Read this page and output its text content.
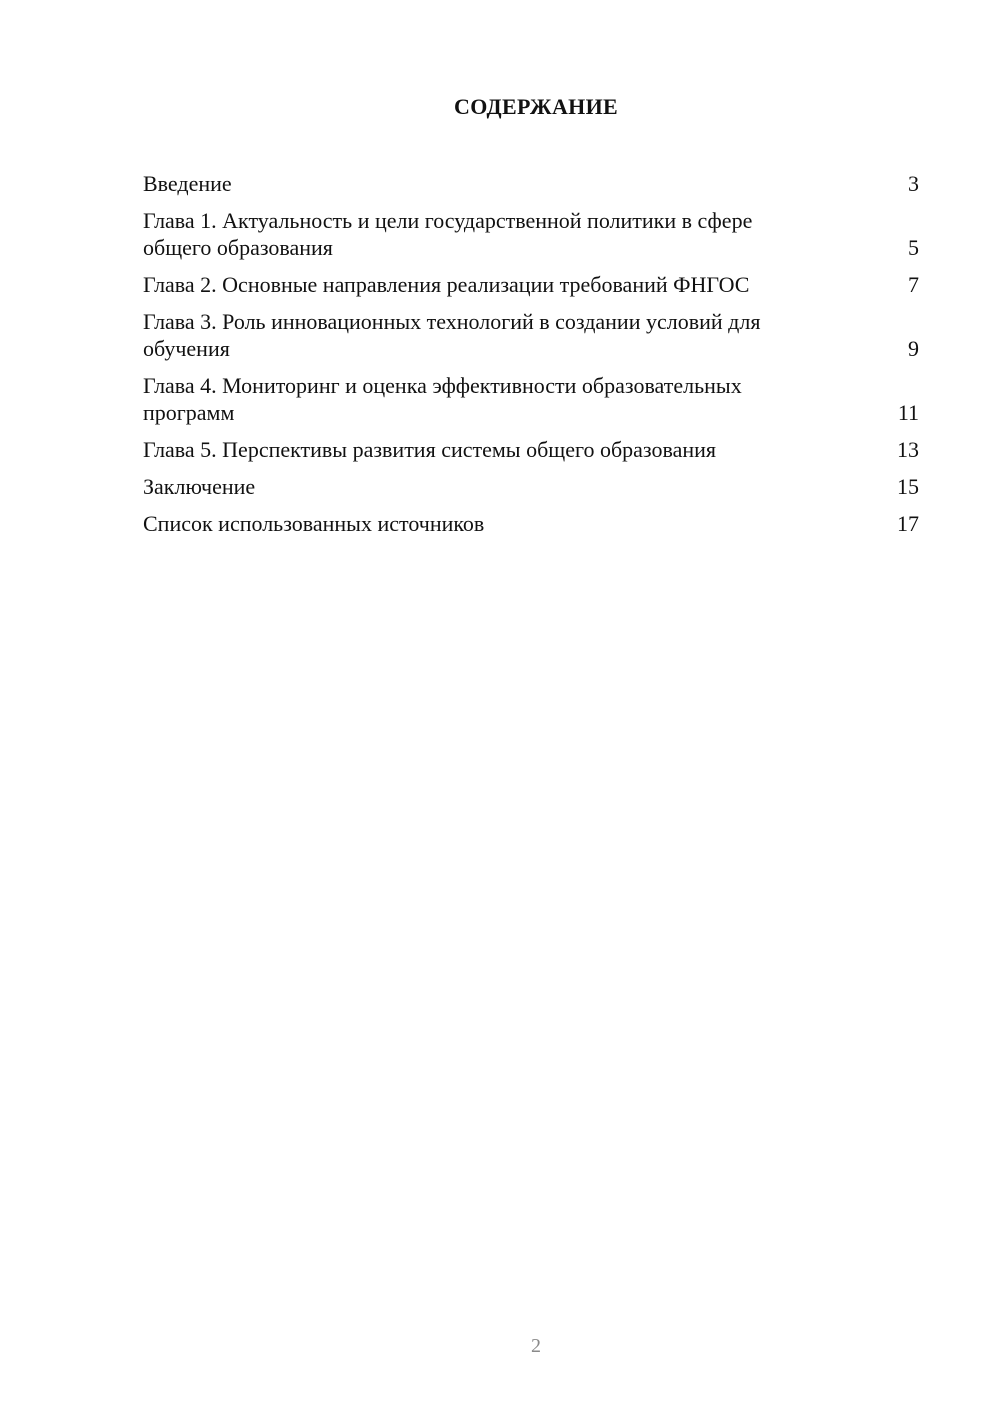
СОДЕРЖАНИЕ
Введение	3
Глава 1. Актуальность и цели государственной политики в сфере общего образования	5
Глава 2. Основные направления реализации требований ФНГОС	7
Глава 3. Роль инновационных технологий в создании условий для обучения	9
Глава 4. Мониторинг и оценка эффективности образовательных программ	11
Глава 5. Перспективы развития системы общего образования	13
Заключение	15
Список использованных источников	17
2
